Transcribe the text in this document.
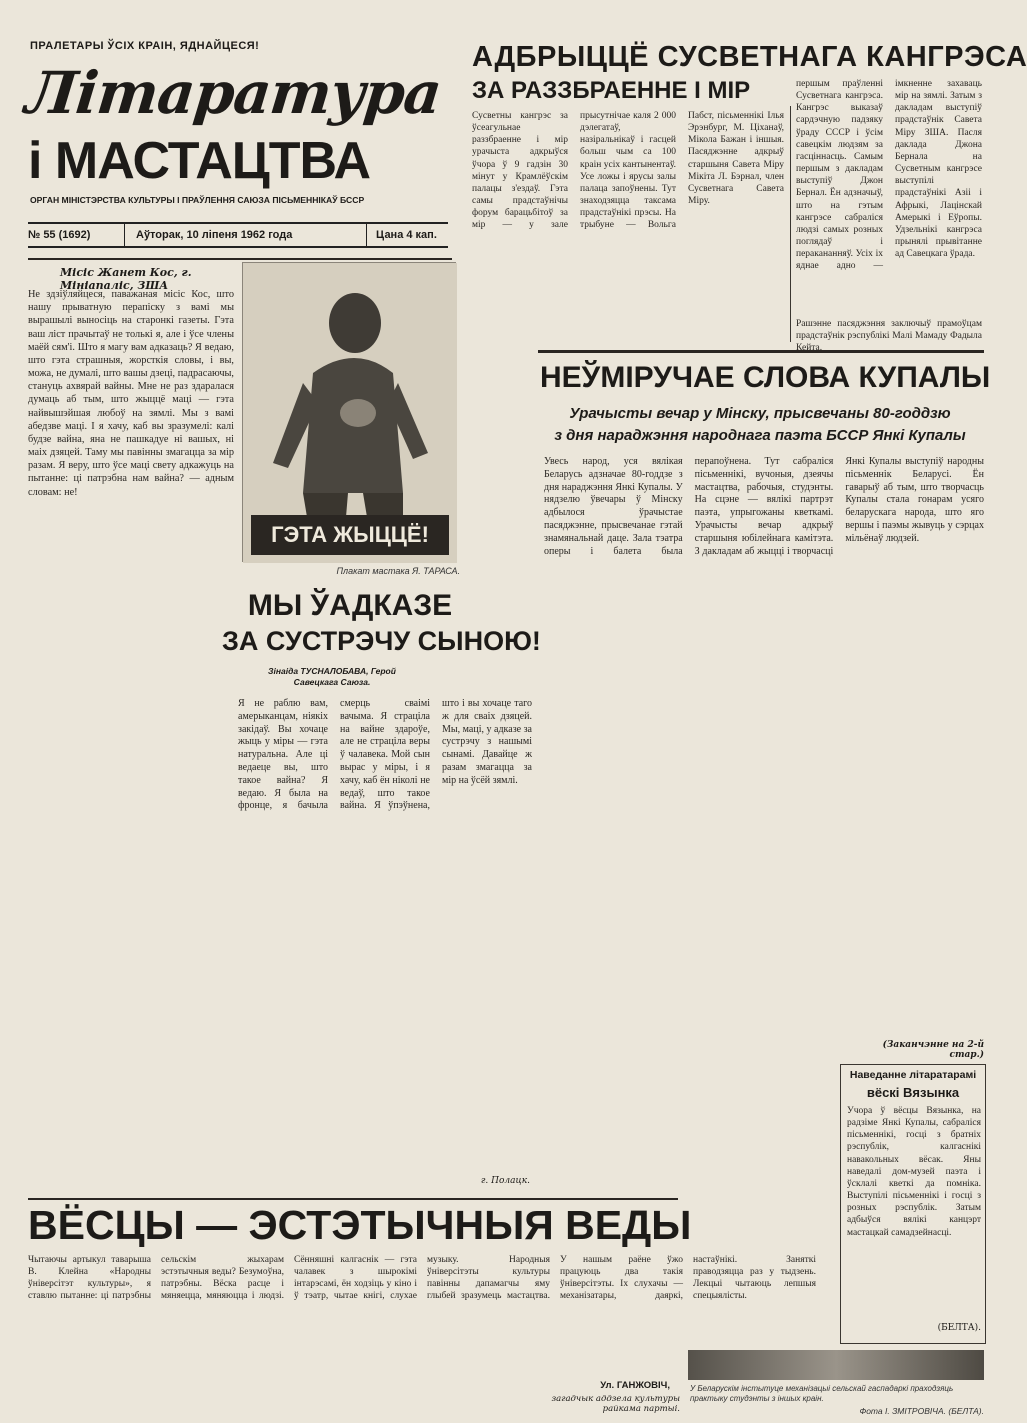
ПРАЛЕТАРЫ ЎСІХ КРАІН, ЯДНАЙЦЕСЯ!
Літаратура
і МАСТАЦТВА
ОРГАН МІНІСТЭРСТВА КУЛЬТУРЫ І ПРАЎЛЕННЯ САЮЗА ПІСЬМЕННІКАЎ БССР
№ 55 (1692)	Аўторак, 10 ліпеня 1962 года	Цана 4 кап.
АДБРЫЦЦЁ СУСВЕТНАГА КАНГРЭСА
ЗА РАЗЗБРАЕННЕ І МІР
Сусветны кангрэс за ўсеагульнае раззбраенне і мір урачыста адкрыўся ўчора ў 9 гадзін 30 мінут у Крамлёўскім палацы з'ездаў. Гэта самы прадстаўнічы форум барацьбітоў за мір — у зале прысутнічае каля 2 000 дэлегатаў, назіральнікаў і гасцей больш чым са 100 краін усіх кантынентаў. Усе ложы і ярусы залы палаца запоўнены. Тут знаходзяцца таксама прадстаўнікі прэсы. На трыбуне — Вольга Пабст, пісьменнікі Ілья Эрэнбург, М. Ціханаў, Мікола Бажан і іншыя. Пасяджэнне адкрыў старшыня Савета Міру Мікіта Л. Бэрнал, член Сусветнага Савета Міру.
першым праўленні Сусветнага кангрэса. Кангрэс выказаў сардэчную падзяку ўраду СССР і ўсім савецкім людзям за гасціннасць. Самым першым з дакладам выступіў Джон Бернал. Ён адзначыў, што на гэтым кангрэсе сабраліся людзі самых розных поглядаў і перакананняў. Усіх іх яднае адно — імкненне захаваць мір на зямлі. Затым з дакладам выступіў прадстаўнік Савета Міру ЗША. Пасля даклада Джона Бернала на Сусветным кангрэсе выступілі прадстаўнікі Азіі і Афрыкі, Лацінскай Амерыкі і Еўропы. Удзельнікі кангрэса прынялі прывітанне ад Савецкага ўрада.
Рашэнне пасяджэння заключыў прамоўцам прадстаўнік рэспублікі Малі Мамаду Фадыла Кейта.
Місіс Жанет Кос, г. Мініапаліс, ЗША
Не здзіўляйцеся, паважаная місіс Кос, што нашу прыватную перапіску з вамі мы вырашылі выносіць на старонкі газеты. Гэта ваш ліст прачытаў не толькі я, але і ўсе члены маёй сям'і. Што я магу вам адказаць? Я ведаю, што гэта страшныя, жорсткія словы, і вы, можа, не думалі, што вашы дзеці, падрасаючы, стануць ахвярай вайны. Мне не раз здаралася думаць аб тым, што жыццё маці — гэта найвышэйшая любоў на зямлі. Мы з вамі абедзве маці. І я хачу, каб вы зразумелі: калі будзе вайна, яна не пашкадуе ні вашых, ні маіх дзяцей. Таму мы павінны змагацца за мір разам. Я веру, што ўсе маці свету адкажуць на пытанне: ці патрэбна нам вайна? — адным словам: не!
ГЭТА ЖЫЦЦЁ!
Плакат мастака Я. ТАРАСА.
МЫ ЎАДКАЗЕ
ЗА СУСТРЭЧУ СЫНОЮ!
Зінаіда ТУСНАЛОБАВА, Герой Савецкага Саюза.
Я не раблю вам, амерыканцам, ніякіх закідаў. Вы хочаце жыць у міры — гэта натуральна. Але ці ведаеце вы, што такое вайна? Я ведаю. Я была на фронце, я бачыла смерць сваімі вачыма. Я страціла на вайне здароўе, але не страціла веры ў чалавека. Мой сын вырас у міры, і я хачу, каб ён ніколі не ведаў, што такое вайна. Я ўпэўнена, што і вы хочаце таго ж для сваіх дзяцей. Мы, маці, у адказе за сустрэчу з нашымі сынамі. Давайце ж разам змагацца за мір на ўсёй зямлі.
г. Полацк.
НЕЎМІРУЧАЕ СЛОВА КУПАЛЫ
Урачысты вечар у Мінску, прысвечаны 80-годдзю
з дня нараджэння народнага паэта БССР Янкі Купалы
Увесь народ, уся вялікая Беларусь адзначае 80-годдзе з дня нараджэння Янкі Купалы. У нядзелю ўвечары ў Мінску адбылося ўрачыстае пасяджэнне, прысвечанае гэтай знамянальнай даце. Зала тэатра оперы і балета была перапоўнена. Тут сабраліся пісьменнікі, вучоныя, дзеячы мастацтва, рабочыя, студэнты. На сцэне — вялікі партрэт паэта, упрыгожаны кветкамі. Урачысты вечар адкрыў старшыня юбілейнага камітэта. З дакладам аб жыцці і творчасці Янкі Купалы выступіў народны пісьменнік Беларусі. Ён гаварыў аб тым, што творчасць Купалы стала гонарам усяго беларускага народа, што яго вершы і паэмы жывуць у сэрцах мільёнаў людзей.
(Заканчэнне на 2-й стар.)
Наведанне літаратарамі
вёскі Вязынка
Учора ў вёсцы Вязынка, на радзіме Янкі Купалы, сабраліся пісьменнікі, госці з братніх рэспублік, калгаснікі навакольных вёсак. Яны наведалі дом-музей паэта і ўсклалі кветкі да помніка. Выступілі пісьменнікі і госці з розных рэспублік. Затым адбыўся вялікі канцэрт мастацкай самадзейнасці.
(БЕЛТА).
ВЁСЦЫ — ЭСТЭТЫЧНЫЯ ВЕДЫ
Чытаючы артыкул таварыша В. Клейна «Народны ўніверсітэт культуры», я ставлю пытанне: ці патрэбны сельскім жыхарам эстэтычныя веды? Безумоўна, патрэбны. Вёска расце і мяняецца, мяняюцца і людзі. Сённяшні калгаснік — гэта чалавек з шырокімі інтарэсамі, ён ходзіць у кіно і ў тэатр, чытае кнігі, слухае музыку. Народныя ўніверсітэты культуры павінны дапамагчы яму глыбей зразумець мастацтва. У нашым раёне ўжо працуюць два такія ўніверсітэты. Іх слухачы — механізатары, даяркі, настаўнікі. Заняткі праводзяцца раз у тыдзень. Лекцыі чытаюць лепшыя спецыялісты.
Ул. ГАНЖОВІЧ,
загадчык аддзела культуры райкама партыі.
У Беларускім інстытуце механізацыі сельскай гаспадаркі праходзяць практыку студэнты з іншых краін.
Фота І. ЗМІТРОВІЧА. (БЕЛТА).
